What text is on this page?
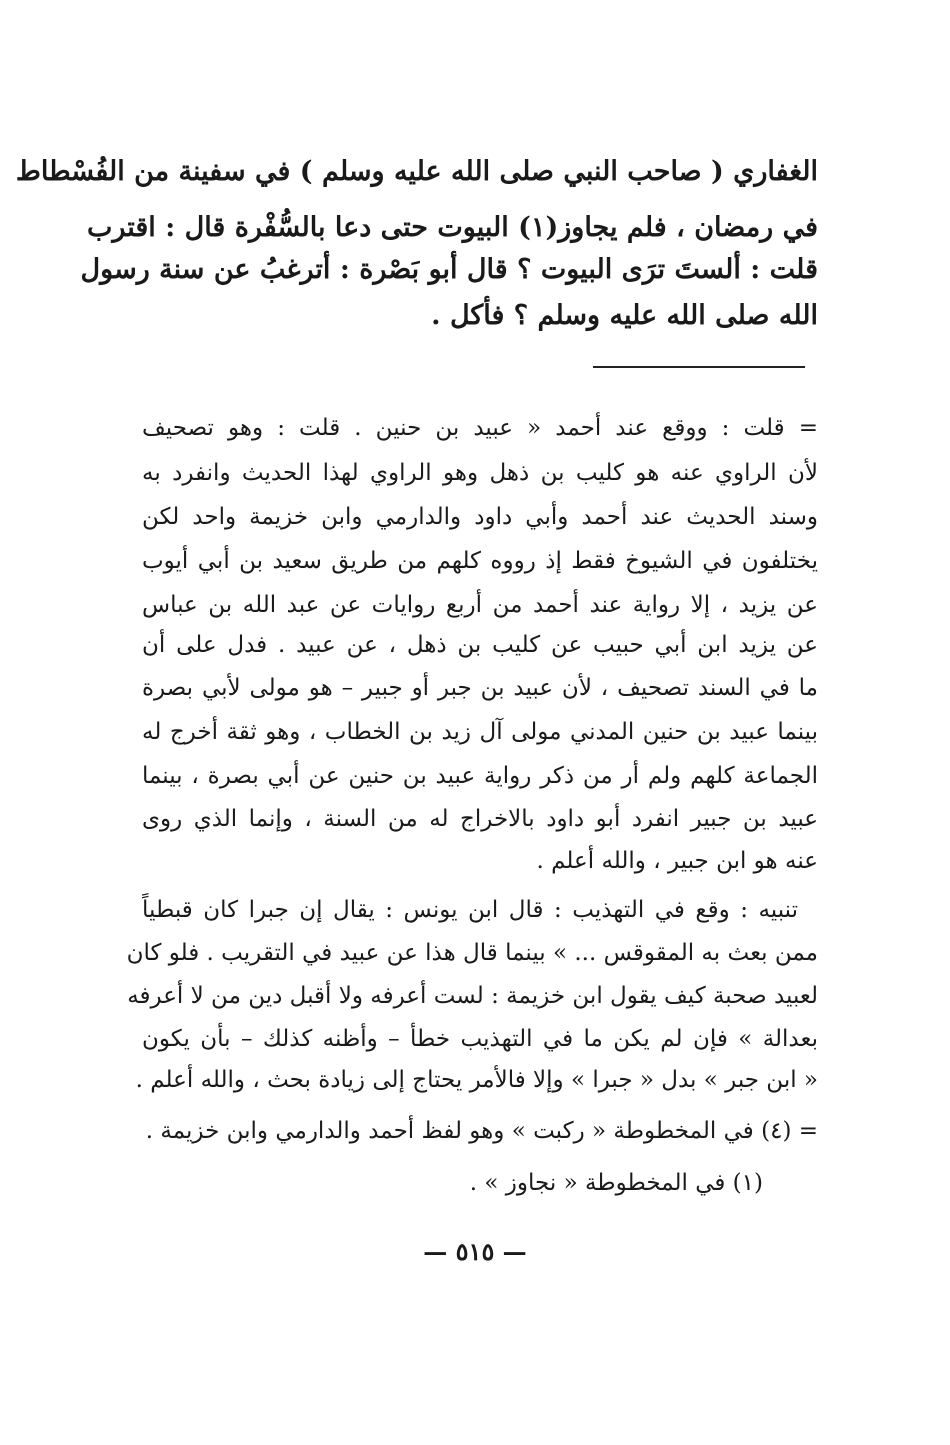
الغفاري ( صاحب النبي صلى الله عليه وسلم ) في سفينة من الفُسْطاط
في رمضان ، فلم يجاوز(١) البيوت حتى دعا بالسُّفْرة قال : اقترب
قلت : ألستَ ترَى البيوت ؟ قال أبو بَصْرة : أترغبُ عن سنة رسول
الله صلى الله عليه وسلم ؟ فأكل .
= قلت : ووقع عند أحمد « عبيد بن حنين . قلت : وهو تصحيف
لأن الراوي عنه هو كليب بن ذهل وهو الراوي لهذا الحديث وانفرد به
وسند الحديث عند أحمد وأبي داود والدارمي وابن خزيمة واحد لكن
يختلفون في الشيوخ فقط إذ رووه كلهم من طريق سعيد بن أبي أيوب
عن يزيد ، إلا رواية عند أحمد من أربع روايات عن عبد الله بن عباس
عن يزيد ابن أبي حبيب عن كليب بن ذهل ، عن عبيد . فدل على أن
ما في السند تصحيف ، لأن عبيد بن جبر أو جبير – هو مولى لأبي بصرة
بينما عبيد بن حنين المدني مولى آل زيد بن الخطاب ، وهو ثقة أخرج له
الجماعة كلهم ولم أر من ذكر رواية عبيد بن حنين عن أبي بصرة ، بينما
عبيد بن جبير انفرد أبو داود بالاخراج له من السنة ، وإنما الذي روى
عنه هو ابن جبير ، والله أعلم .
تنبيه : وقع في التهذيب : قال ابن يونس : يقال إن جبرا كان قبطياً
ممن بعث به المقوقس ... » بينما قال هذا عن عبيد في التقريب . فلو كان
لعبيد صحبة كيف يقول ابن خزيمة : لست أعرفه ولا أقبل دين من لا أعرفه
بعدالة » فإن لم يكن ما في التهذيب خطأ – وأظنه كذلك – بأن يكون
« ابن جبر » بدل « جبرا » وإلا فالأمر يحتاج إلى زيادة بحث ، والله أعلم .
= (٤) في المخطوطة « ركبت » وهو لفظ أحمد والدارمي وابن خزيمة .
(١) في المخطوطة « نجاوز » .
— ٥١٥ —
